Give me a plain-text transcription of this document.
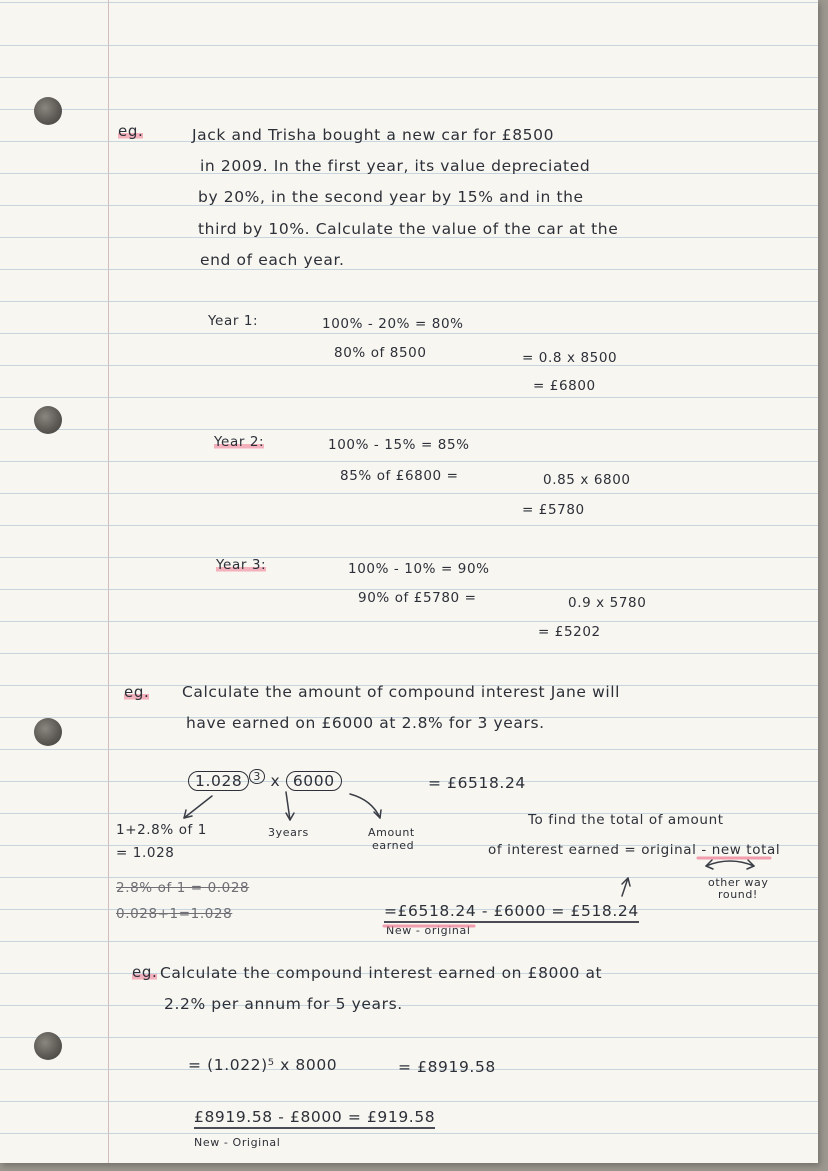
eg.	Jack and Trisha bought a new car for £8500
in 2009. In the first year, its value depreciated
by 20%, in the second year by 15% and in the
third by 10%. Calculate the value of the car at the
end of each year.
Year 1:	100% - 20% = 80%
80% of 8500	= 0.8 x 8500
= £6800
Year 2:	100% - 15% = 85%
85% of £6800 =	0.85 x 6800
= £5780
Year 3:	100% - 10% = 90%
90% of £5780 =	0.9 x 5780
= £5202
eg. Calculate the amount of compound interest Jane will
have earned on £6000 at 2.8% for 3 years.
1.028 $^3$ x 6000	= £6518.24
1+2.8% of 1
= 1.028
3years	Amount
earned
2.8% of 1 = 0.028
0.028+1=1.028
To find the total of amount
of interest earned = original - new total
other way
round!
=£6518.24 - £6000 = £518.24
New - original
eg. Calculate the compound interest earned on £8000 at
2.2% per annum for 5 years.
= (1.022)⁵ x 8000	= £8919.58
£8919.58 - £8000 = £919.58
New - Original
